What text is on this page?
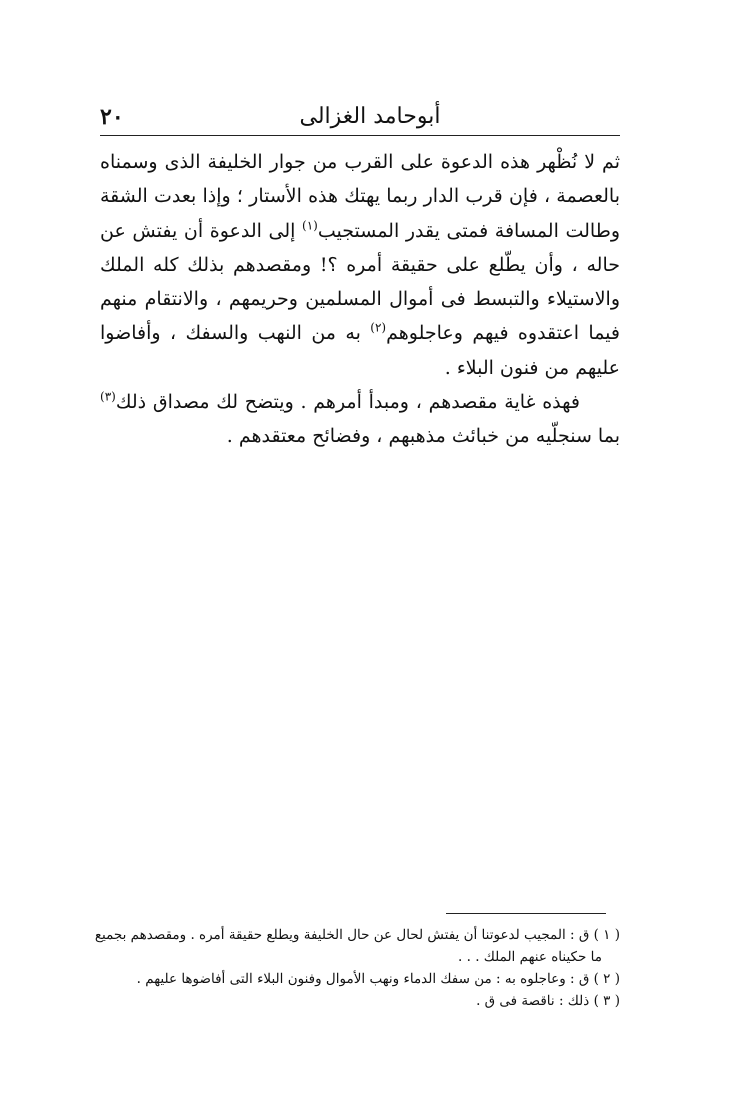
٢٠	أبوحامد الغزالى

ثم لا نُظْهر هذه الدعوة على القرب من جوار الخليفة الذى وسمناه بالعصمة ، فإن قرب الدار ربما يهتك هذه الأستار ؛ وإذا بعدت الشقة وطالت المسافة فمتى يقدر المستجيب$^{(١)}$ إلى الدعوة أن يفتش عن حاله ، وأن يطّلع على حقيقة أمره ؟! ومقصدهم بذلك كله الملك والاستيلاء والتبسط فى أموال المسلمين وحريمهم ، والانتقام منهم فيما اعتقدوه فيهم وعاجلوهم$^{(٢)}$ به من النهب والسفك ، وأفاضوا عليهم من فنون البلاء .

فهذه غاية مقصدهم ، ومبدأ أمرهم . ويتضح لك مصداق ذلك$^{(٣)}$ بما سنجلّيه من خبائث مذهبهم ، وفضائح معتقدهم .

( ١ ) ق : المجيب لدعوتنا أن يفتش لحال عن حال الخليفة ويطلع حقيقة أمره . ومقصدهم بجميع ما حكيناه عنهم الملك . . .

( ٢ ) ق : وعاجلوه به : من سفك الدماء ونهب الأموال وفنون البلاء التى أفاضوها عليهم .

( ٣ ) ذلك : ناقصة فى ق .
